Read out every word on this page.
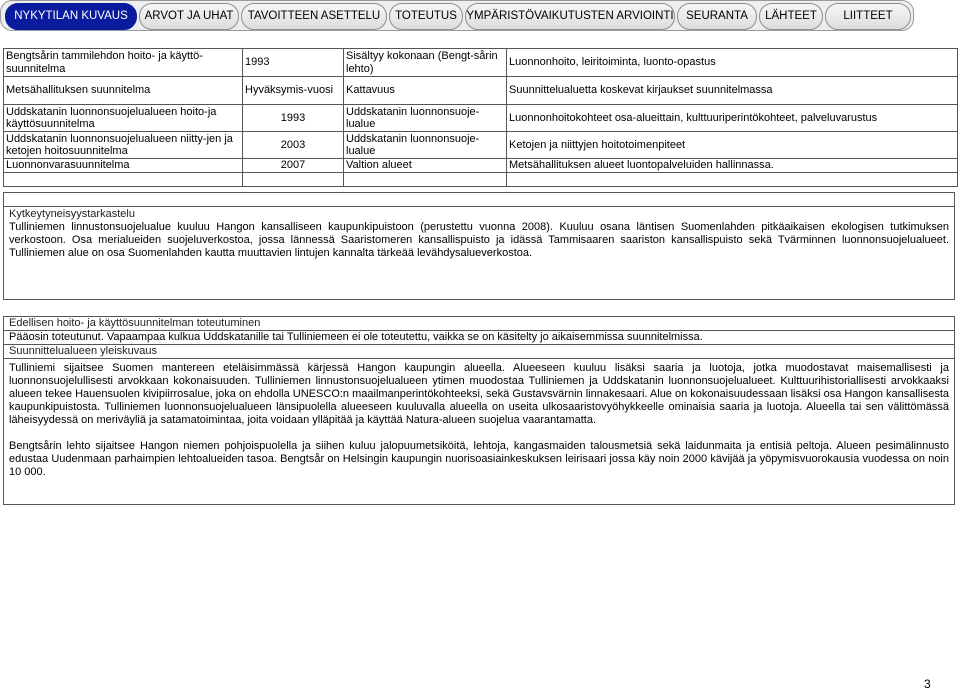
NYKYTILAN KUVAUS	ARVOT JA UHAT	TAVOITTEEN ASETTELU	TOTEUTUS YMPÄRISTÖVAIKUTUSTEN ARVIOINTI	SEURANTA	LÄHTEET	LIITTEET
Bengtsårin tammilehdon hoito- ja käyttö-suunnitelma	1993	Sisältyy kokonaan (Bengt-sårin lehto)	Luonnonhoito, leiritoiminta, luonto-opastus
Metsähallituksen suunnitelma	Hyväksymis-vuosi	Kattavuus	Suunnittelualuetta koskevat kirjaukset suunnitelmassa
Uddskatanin luonnonsuojelualueen hoito-ja käyttösuunnitelma	1993	Uddskatanin luonnonsuoje-lualue	Luonnonhoitokohteet osa-alueittain, kulttuuriperintökohteet, palveluvarustus
Uddskatanin luonnonsuojelualueen niitty-jen ja ketojen hoitosuunnitelma	2003	Uddskatanin luonnonsuoje-lualue	Ketojen ja niittyjen hoitotoimenpiteet
Luonnonvarasuunnitelma	2007	Valtion alueet	Metsähallituksen alueet luontopalveluiden hallinnassa.

Kytkeytyneisyystarkastelu

Tulliniemen linnustonsuojelualue kuuluu Hangon kansalliseen kaupunkipuistoon (perustettu vuonna 2008). Kuuluu osana läntisen Suomenlahden pitkäaikaisen ekologisen tutkimuksen verkostoon. Osa merialueiden suojeluverkostoa, jossa lännessä Saaristomeren kansallispuisto ja idässä Tammisaaren saariston kansallispuisto sekä Tvärminnen luonnonsuojelualueet. Tulliniemen alue on osa Suomenlahden kautta muuttavien lintujen kannalta tärkeää levähdysalueverkostoa.

Edellisen hoito- ja käyttösuunnitelman toteutuminen

Pääosin toteutunut. Vapaampaa kulkua Uddskatanille tai Tulliniemeen ei ole toteutettu, vaikka se on käsitelty jo aikaisemmissa suunnitelmissa.

Suunnittelualueen yleiskuvaus

Tulliniemi sijaitsee Suomen mantereen eteläisimmässä kärjessä Hangon kaupungin alueella. Alueeseen kuuluu lisäksi saaria ja luotoja, jotka muodostavat maisemallisesti ja luonnonsuojelullisesti arvokkaan kokonaisuuden. Tulliniemen linnustonsuojelualueen ytimen muodostaa Tulliniemen ja Uddskatanin luonnonsuojelualueet. Kulttuurihistoriallisesti arvokkaaksi alueen tekee Hauensuolen kivipiirrosalue, joka on ehdolla UNESCO:n maailmanperintökohteeksi, sekä Gustavsvärnin linnakesaari. Alue on kokonaisuudessaan lisäksi osa Hangon kansallisesta kaupunkipuistosta. Tulliniemen luonnonsuojelualueen länsipuolella alueeseen kuuluvalla alueella on useita ulkosaaristovyöhykkeelle ominaisia saaria ja luotoja. Alueella tai sen välittömässä läheisyydessä on meriväyliä ja satamatoimintaa, joita voidaan ylläpitää ja käyttää Natura-alueen suojelua vaarantamatta.

Bengtsårin lehto sijaitsee Hangon niemen pohjoispuolella ja siihen kuluu jalopuumetsiköitä, lehtoja, kangasmaiden talousmetsiä sekä laidunmaita ja entisiä peltoja. Alueen pesimälinnusto edustaa Uudenmaan parhaimpien lehtoalueiden tasoa. Bengtsår on Helsingin kaupungin nuorisoasiainkeskuksen leirisaari jossa käy noin 2000 kävijää ja yöpymisvuorokausia vuodessa on noin 10 000.

3
